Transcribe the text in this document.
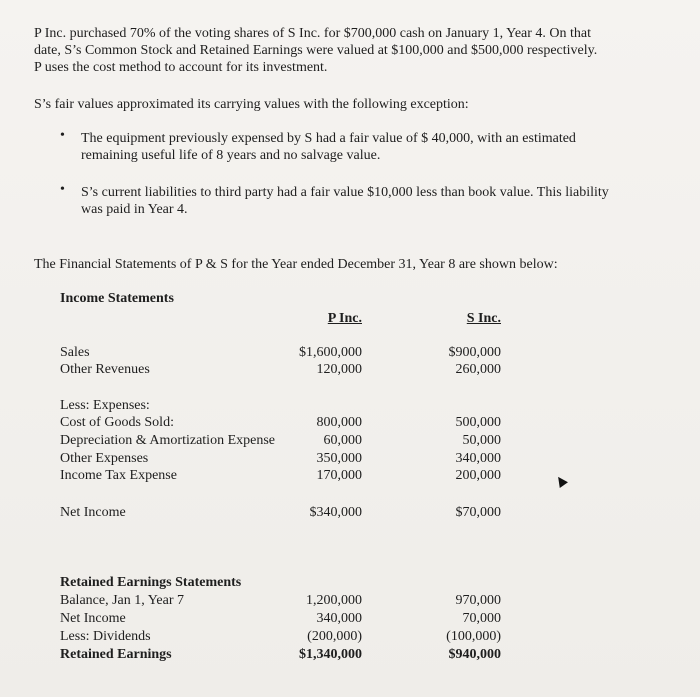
P Inc. purchased 70% of the voting shares of S Inc. for $700,000 cash on January 1, Year 4. On that
date, S’s Common Stock and Retained Earnings were valued at $100,000 and $500,000 respectively.
P uses the cost method to account for its investment.
S’s fair values approximated its carrying values with the following exception:
• The equipment previously expensed by S had a fair value of $ 40,000, with an estimated
remaining useful life of 8 years and no salvage value.
• S’s current liabilities to third party had a fair value $10,000 less than book value. This liability
was paid in Year 4.
The Financial Statements of P & S for the Year ended December 31, Year 8 are shown below:
Income Statements
P Inc.	S Inc.
Sales	$1,600,000	$900,000
Other Revenues	120,000	260,000
Less: Expenses:
Cost of Goods Sold:	800,000	500,000
Depreciation & Amortization Expense	60,000	50,000
Other Expenses	350,000	340,000
Income Tax Expense	170,000	200,000
Net Income	$340,000	$70,000
Retained Earnings Statements
Balance, Jan 1, Year 7	1,200,000	970,000
Net Income	340,000	70,000
Less: Dividends	(200,000)	(100,000)
Retained Earnings	$1,340,000	$940,000
